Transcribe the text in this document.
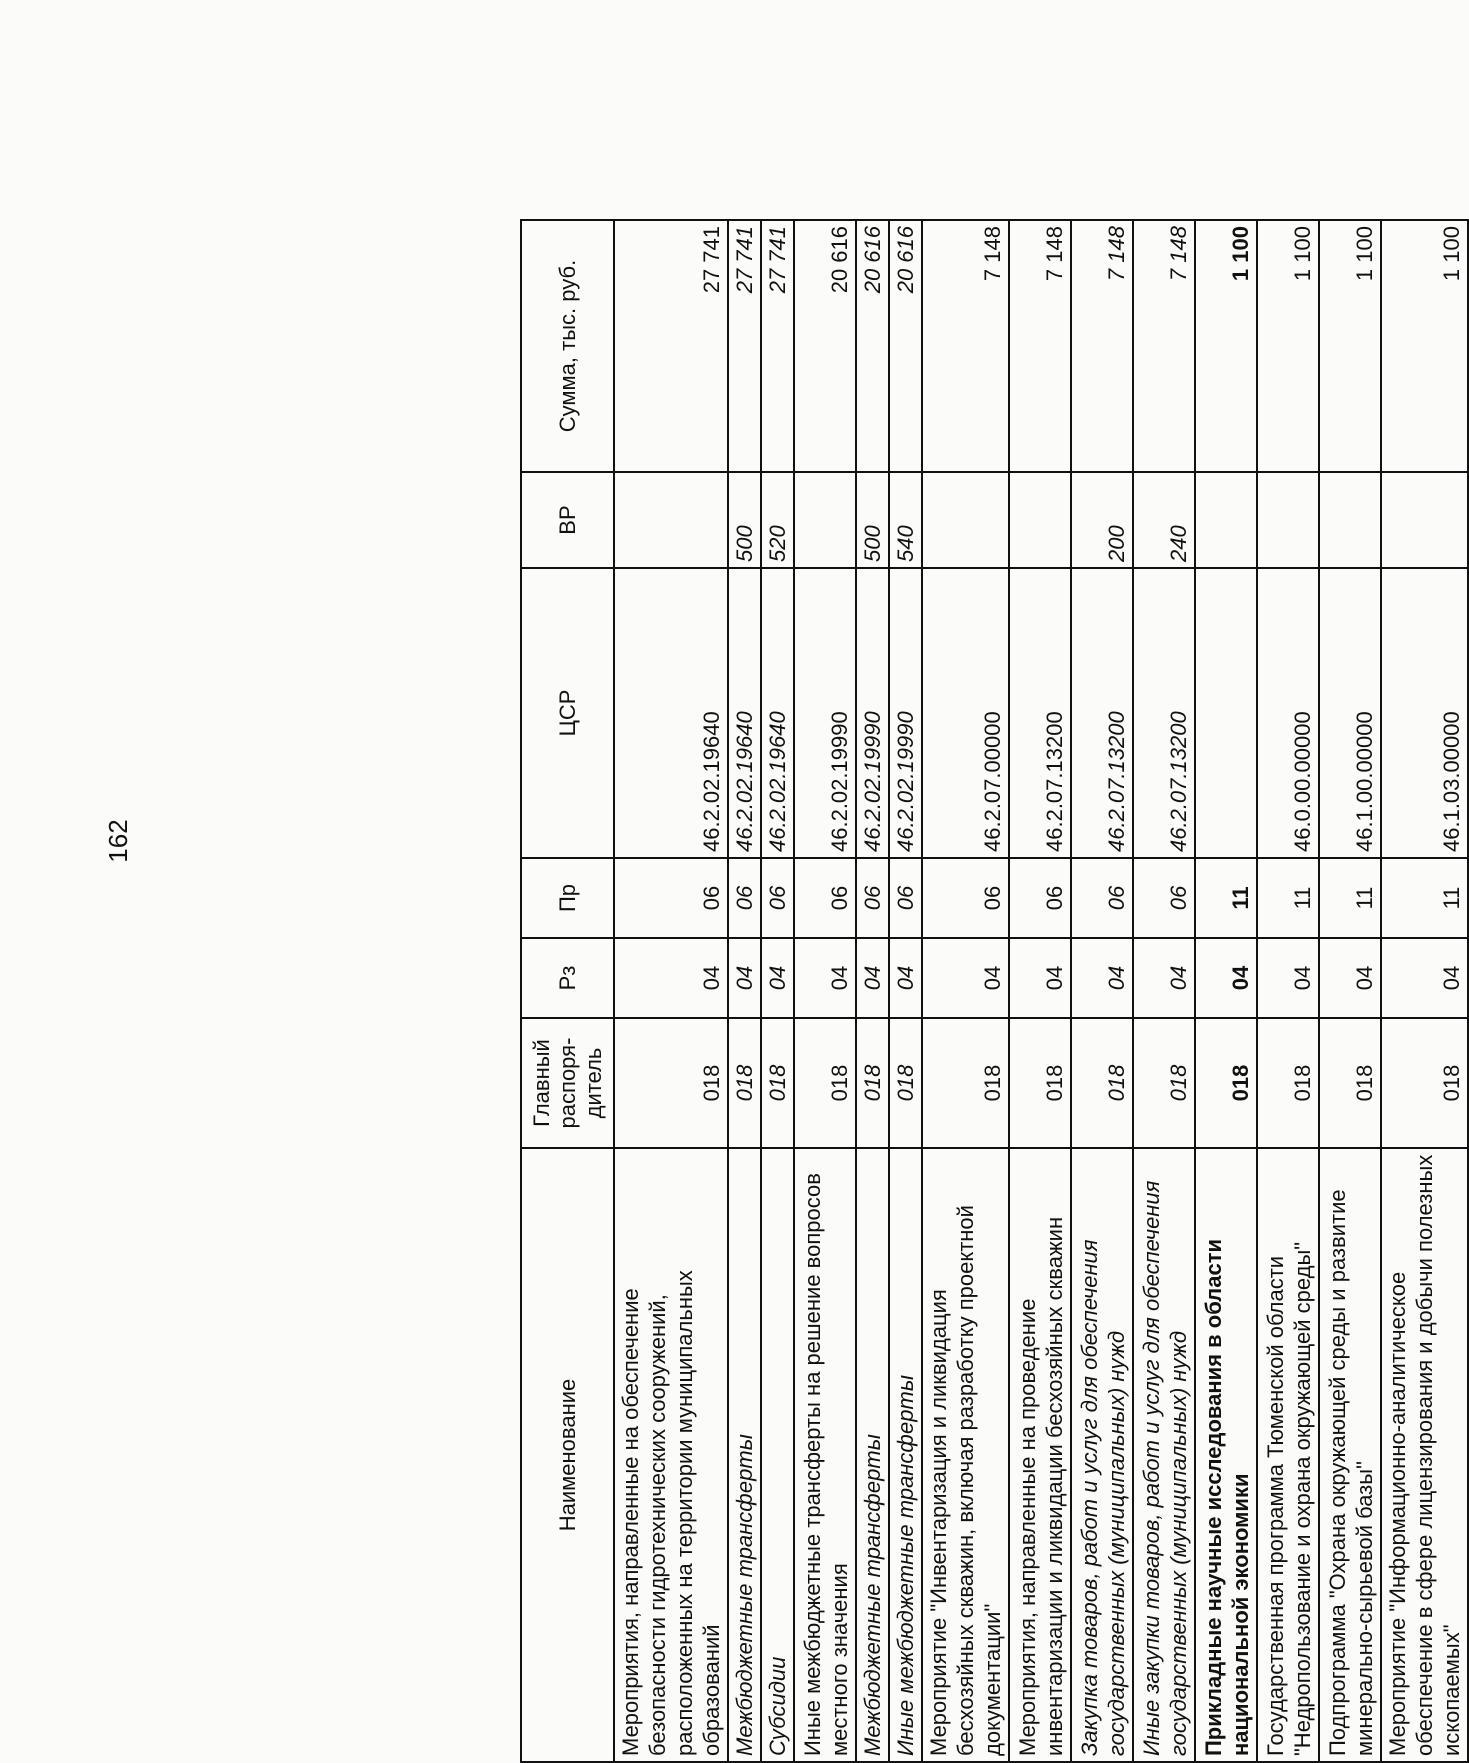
162
Наименование	Главный распоря-дитель	Рз	Пр	ЦСР	ВР	Сумма, тыс. руб.
Мероприятия, направленные на обеспечение безопасности гидротехнических сооружений, расположенных на территории муниципальных образований	018	04	06	46.2.02.19640		27 741
Межбюджетные трансферты	018	04	06	46.2.02.19640	500	27 741
Субсидии	018	04	06	46.2.02.19640	520	27 741
Иные межбюджетные трансферты на решение вопросов местного значения	018	04	06	46.2.02.19990		20 616
Межбюджетные трансферты	018	04	06	46.2.02.19990	500	20 616
Иные межбюджетные трансферты	018	04	06	46.2.02.19990	540	20 616
Мероприятие "Инвентаризация и ликвидация бесхозяйных скважин, включая разработку проектной документации"	018	04	06	46.2.07.00000		7 148
Мероприятия, направленные на проведение инвентаризации и ликвидации бесхозяйных скважин	018	04	06	46.2.07.13200		7 148
Закупка товаров, работ и услуг для обеспечения государственных (муниципальных) нужд	018	04	06	46.2.07.13200	200	7 148
Иные закупки товаров, работ и услуг для обеспечения государственных (муниципальных) нужд	018	04	06	46.2.07.13200	240	7 148
Прикладные научные исследования в области национальной экономики	018	04	11			1 100
Государственная программа Тюменской области "Недропользование и охрана окружающей среды"	018	04	11	46.0.00.00000		1 100
Подпрограмма "Охрана окружающей среды и развитие минерально-сырьевой базы"	018	04	11	46.1.00.00000		1 100
Мероприятие "Информационно-аналитическое обеспечение в сфере лицензирования и добычи полезных ископаемых"	018	04	11	46.1.03.00000		1 100
